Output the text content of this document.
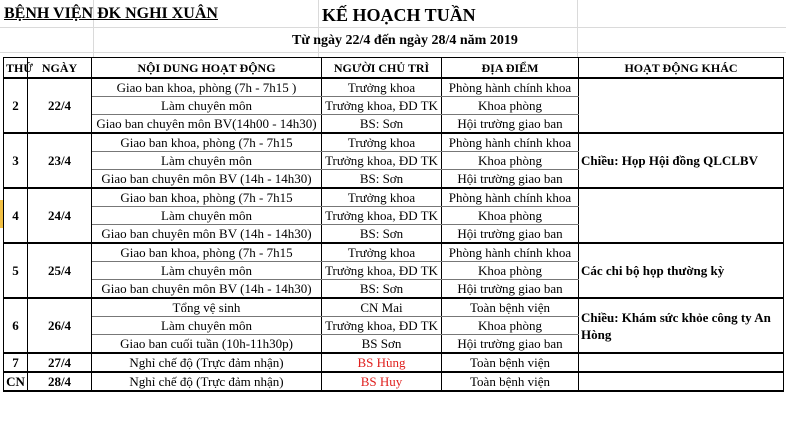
BỆNH VIỆN ĐK NGHI XUÂN	KẾ HOẠCH TUẦN
Từ ngày 22/4 đến ngày 28/4 năm 2019
THỨ	NGÀY	NỘI DUNG HOẠT ĐỘNG	NGƯỜI CHỦ TRÌ	ĐỊA ĐIỂM	HOẠT ĐỘNG KHÁC
2	22/4	Giao ban khoa, phòng (7h - 7h15 )	Trưởng khoa	Phòng hành chính khoa	
		Làm chuyên môn	Trưởng khoa, ĐD TK	Khoa phòng	
		Giao ban chuyên môn BV(14h00 - 14h30)	BS: Sơn	Hội trường giao ban	
3	23/4	Giao ban khoa, phòng (7h - 7h15	Trưởng khoa	Phòng hành chính khoa	Chiều: Họp Hội đồng QLCLBV
		Làm chuyên môn	Trưởng khoa, ĐD TK	Khoa phòng	
		Giao ban chuyên môn BV (14h - 14h30)	BS: Sơn	Hội trường giao ban	
4	24/4	Giao ban khoa, phòng (7h - 7h15	Trưởng khoa	Phòng hành chính khoa	
		Làm chuyên môn	Trưởng khoa, ĐD TK	Khoa phòng	
		Giao ban chuyên môn BV (14h - 14h30)	BS: Sơn	Hội trường giao ban	
5	25/4	Giao ban khoa, phòng (7h - 7h15	Trưởng khoa	Phòng hành chính khoa	Các chi bộ họp thường kỳ
		Làm chuyên môn	Trưởng khoa, ĐD TK	Khoa phòng	
		Giao ban chuyên môn BV (14h - 14h30)	BS: Sơn	Hội trường giao ban	
6	26/4	Tổng vệ sinh	CN Mai	Toàn bệnh viện	Chiều: Khám sức khỏe công ty An Hòng
		Làm chuyên môn	Trưởng khoa, ĐD TK	Khoa phòng	
		Giao ban cuối tuần (10h-11h30p)	BS Sơn	Hội trường giao ban	
7	27/4	Nghỉ chế độ (Trực đảm nhận)	BS Hùng	Toàn bệnh viện	
CN	28/4	Nghỉ chế độ (Trực đảm nhận)	BS Huy	Toàn bệnh viện	
